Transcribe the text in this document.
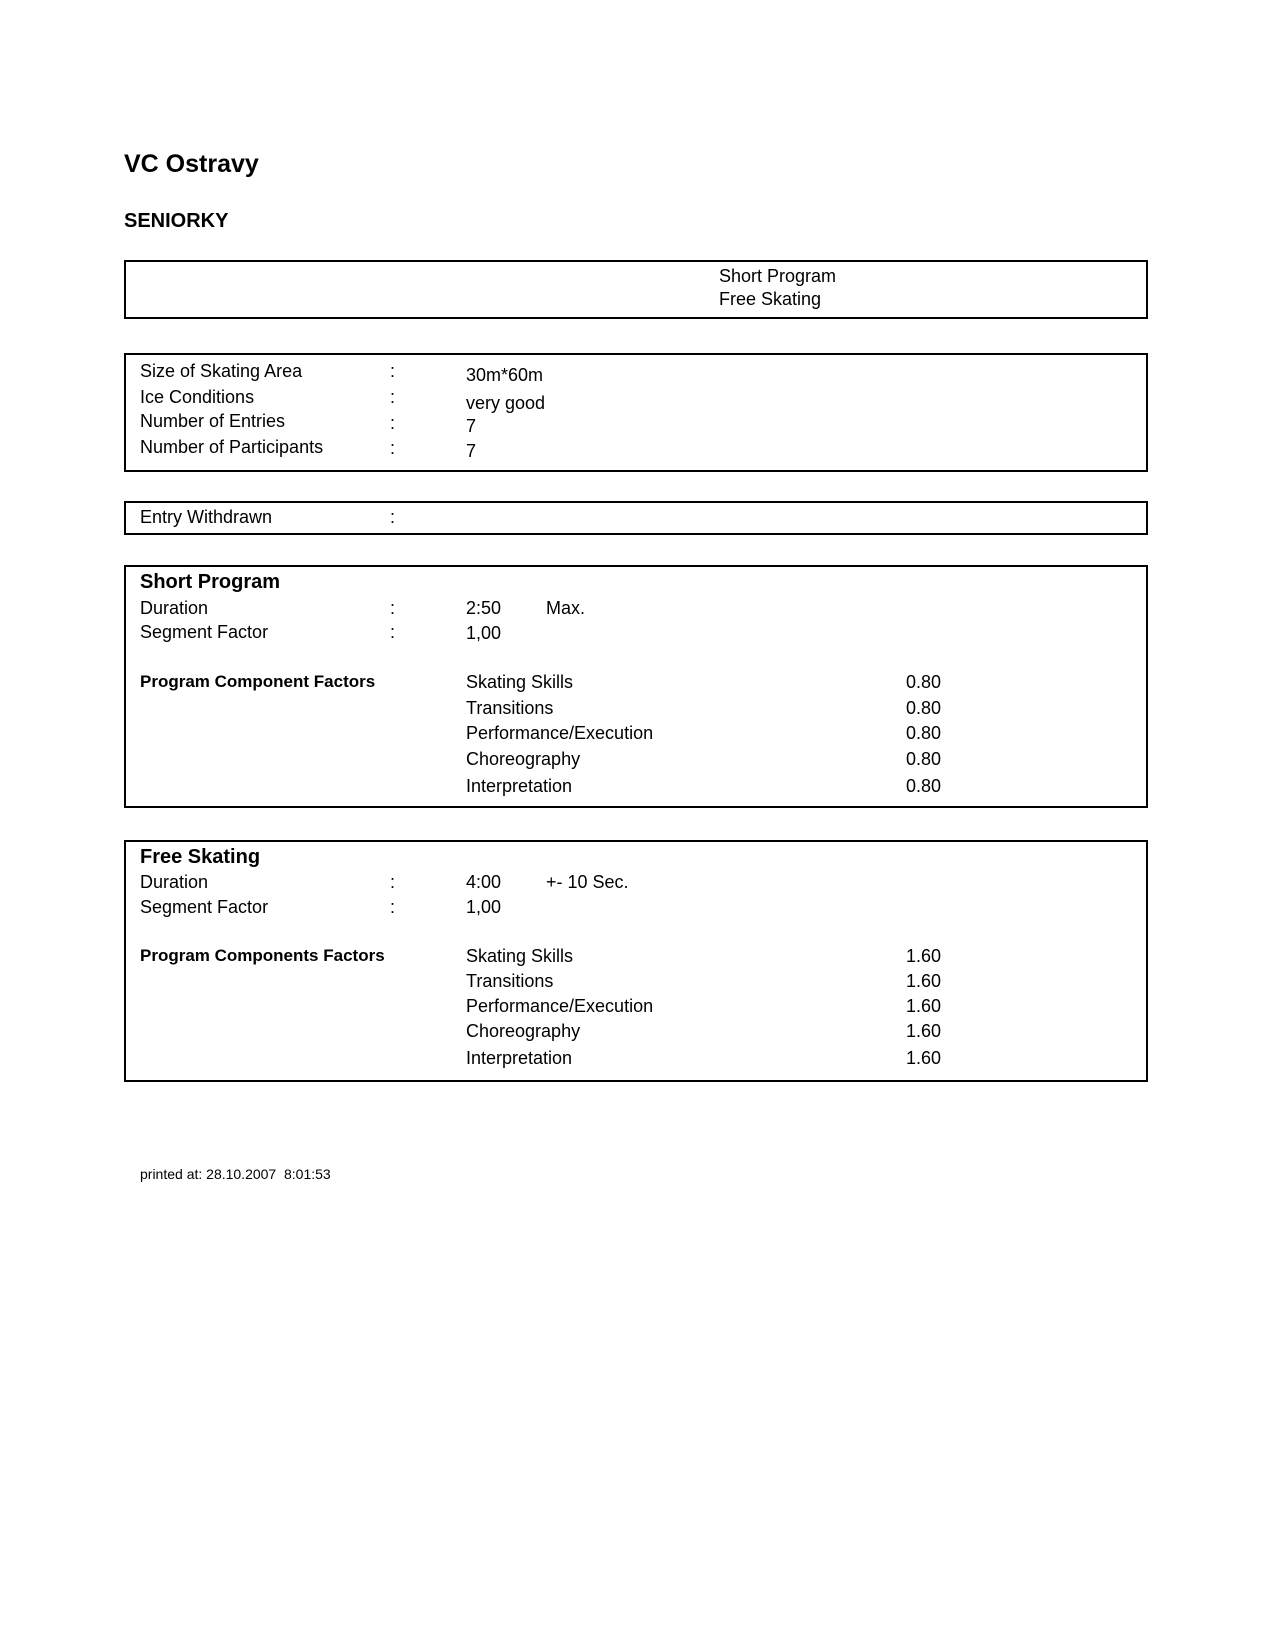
VC Ostravy
SENIORKY
Short Program
Free Skating
Size of Skating Area	:	30m*60m
Ice Conditions	:	very good
Number of Entries	:	7
Number of Participants	:	7
Entry Withdrawn	:
Short Program
Duration	:	2:50 Max.
Segment Factor	:	1,00
Program Component Factors	Skating Skills	0.80
Transitions	0.80
Performance/Execution	0.80
Choreography	0.80
Interpretation	0.80
Free Skating
Duration	:	4:00 +- 10 Sec.
Segment Factor	:	1,00
Program Components Factors	Skating Skills	1.60
Transitions	1.60
Performance/Execution	1.60
Choreography	1.60
Interpretation	1.60
printed at: 28.10.2007  8:01:53
